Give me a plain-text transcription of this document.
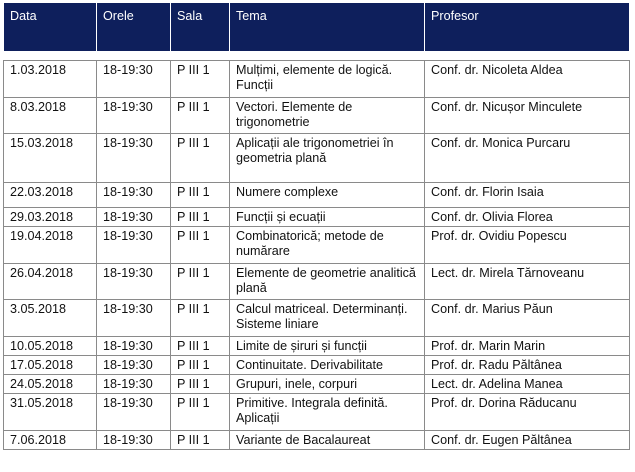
Data	Orele	Sala	Tema	Profesor

1.03.2018	18-19:30	P III 1	Mulțimi, elemente de logică. Funcții	Conf. dr. Nicoleta Aldea
8.03.2018	18-19:30	P III 1	Vectori. Elemente de trigonometrie	Conf. dr. Nicușor Minculete
15.03.2018	18-19:30	P III 1	Aplicații ale trigonometriei în geometria plană	Conf. dr. Monica Purcaru
22.03.2018	18-19:30	P III 1	Numere complexe	Conf. dr. Florin Isaia
29.03.2018	18-19:30	P III 1	Funcții și ecuații	Conf. dr. Olivia Florea
19.04.2018	18-19:30	P III 1	Combinatorică; metode de numărare	Prof. dr. Ovidiu Popescu
26.04.2018	18-19:30	P III 1	Elemente de geometrie analitică plană	Lect. dr. Mirela Tărnoveanu
3.05.2018	18-19:30	P III 1	Calcul matriceal. Determinanți. Sisteme liniare	Conf. dr. Marius Păun
10.05.2018	18-19:30	P III 1	Limite de șiruri și funcții	Prof. dr. Marin Marin
17.05.2018	18-19:30	P III 1	Continuitate. Derivabilitate	Prof. dr. Radu Păltânea
24.05.2018	18-19:30	P III 1	Grupuri, inele, corpuri	Lect. dr. Adelina Manea
31.05.2018	18-19:30	P III 1	Primitive. Integrala definită. Aplicații	Prof. dr. Dorina Răducanu
7.06.2018	18-19:30	P III 1	Variante de Bacalaureat	Conf. dr. Eugen Păltânea
